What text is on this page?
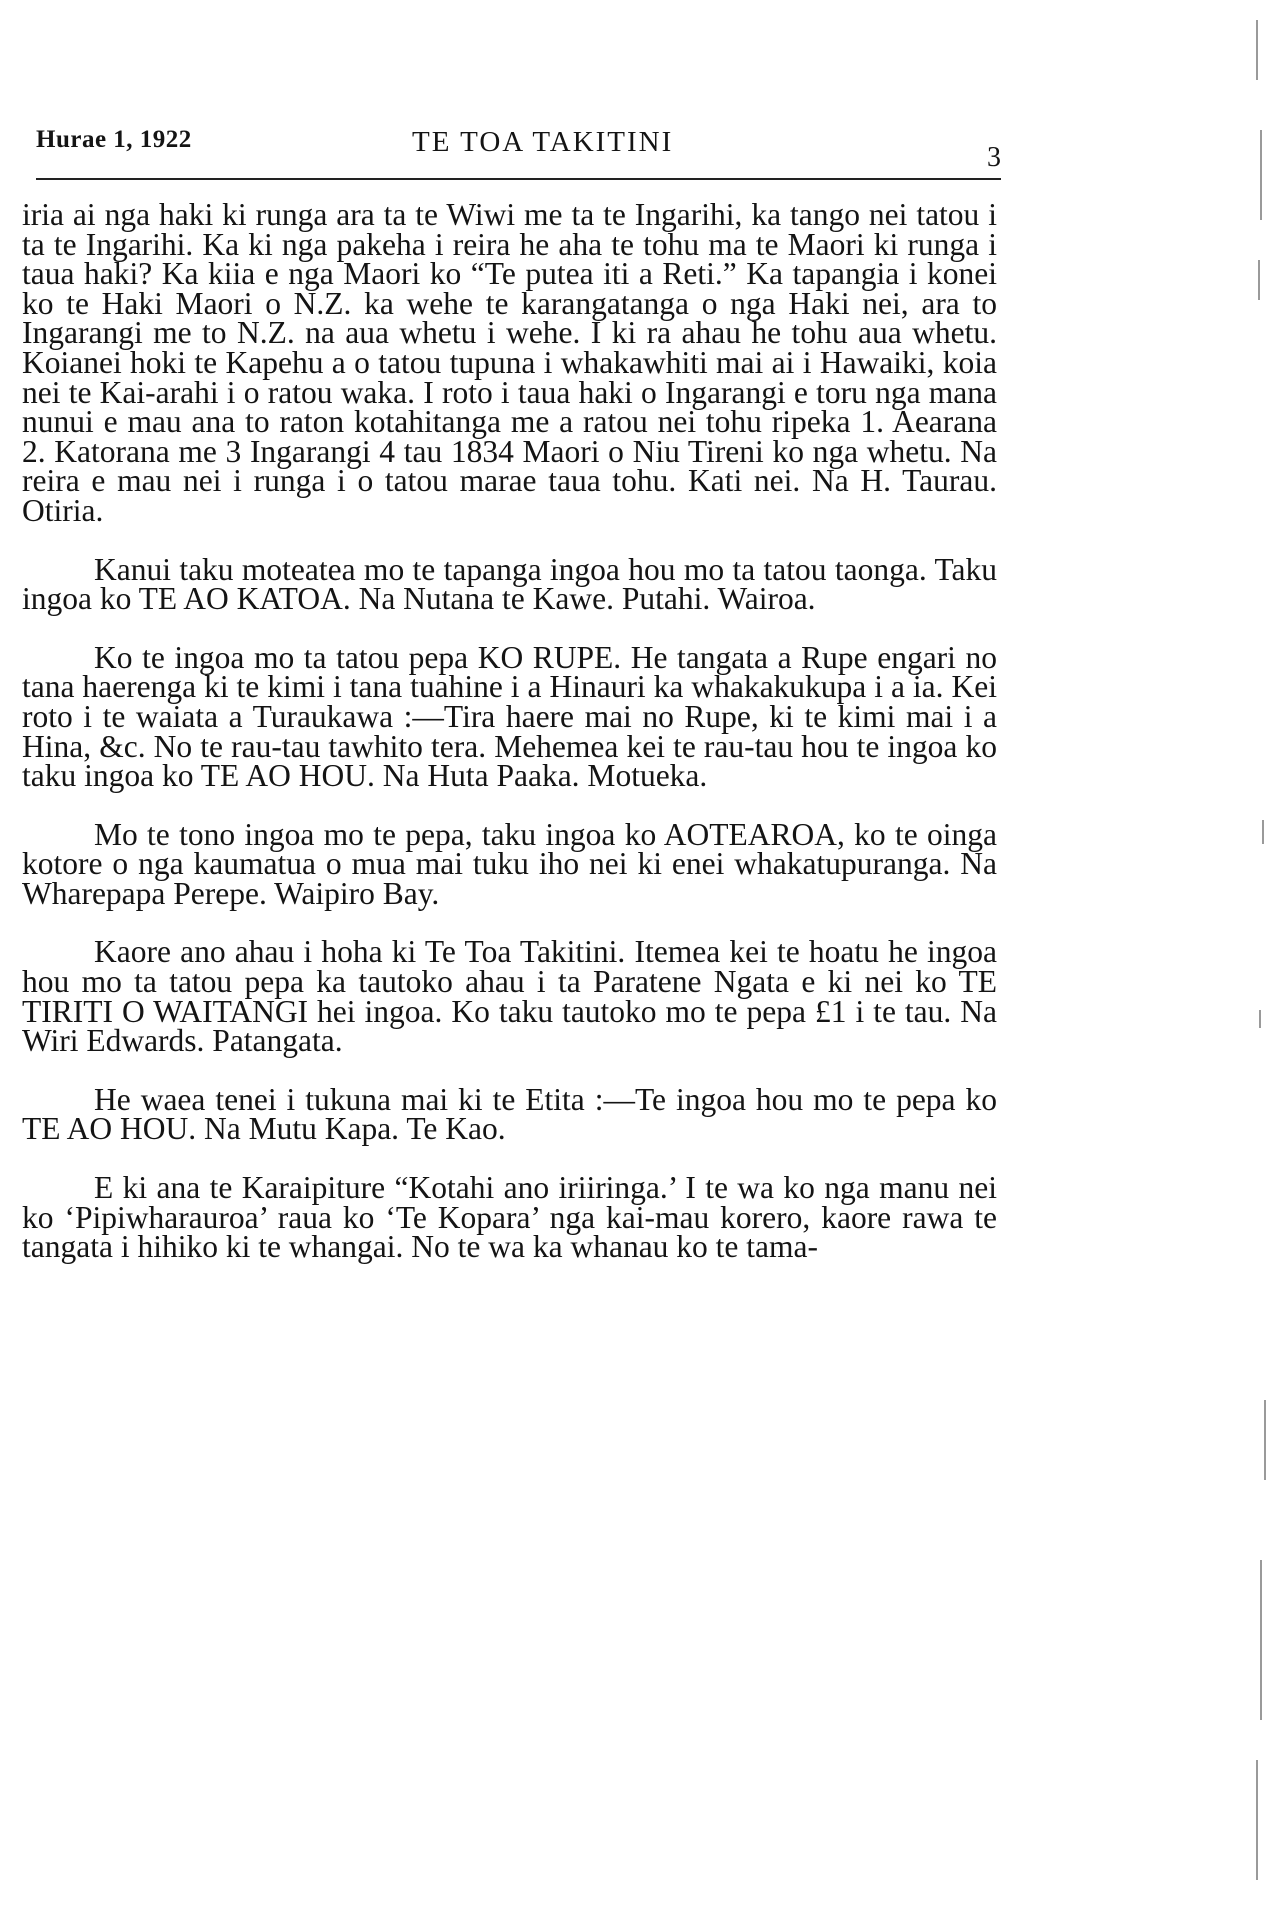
Hurae 1, 1922	TE TOA TAKITINI	3

iria ai nga haki ki runga ara ta te Wiwi me ta te Ingarihi, ka tango nei tatou i ta te Ingarihi. Ka ki nga pakeha i reira he aha te tohu ma te Maori ki runga i taua haki? Ka kiia e nga Maori ko “Te putea iti a Reti.” Ka tapangia i konei ko te Haki Maori o N.Z. ka wehe te karangatanga o nga Haki nei, ara to Ingarangi me to N.Z. na aua whetu i wehe. I ki ra ahau he tohu aua whetu. Koianei hoki te Kapehu a o tatou tupuna i whakawhiti mai ai i Hawaiki, koia nei te Kai-arahi i o ratou waka. I roto i taua haki o Ingarangi e toru nga mana nunui e mau ana to raton kotahitanga me a ratou nei tohu ripeka 1. Aearana 2. Katorana me 3 Ingarangi 4 tau 1834 Maori o Niu Tireni ko nga whetu. Na reira e mau nei i runga i o tatou marae taua tohu. Kati nei. Na H. Taurau. Otiria.

Kanui taku moteatea mo te tapanga ingoa hou mo ta tatou taonga. Taku ingoa ko TE AO KATOA. Na Nutana te Kawe. Putahi. Wairoa.

Ko te ingoa mo ta tatou pepa KO RUPE. He tangata a Rupe engari no tana haerenga ki te kimi i tana tuahine i a Hinauri ka whakakukupa i a ia. Kei roto i te waiata a Turaukawa :—Tira haere mai no Rupe, ki te kimi mai i a Hina, &c. No te rau-tau tawhito tera. Mehemea kei te rau-tau hou te ingoa ko taku ingoa ko TE AO HOU. Na Huta Paaka. Motueka.

Mo te tono ingoa mo te pepa, taku ingoa ko AOTEAROA, ko te oinga kotore o nga kaumatua o mua mai tuku iho nei ki enei whakatupuranga. Na Wharepapa Perepe. Waipiro Bay.

Kaore ano ahau i hoha ki Te Toa Takitini. Itemea kei te hoatu he ingoa hou mo ta tatou pepa ka tautoko ahau i ta Paratene Ngata e ki nei ko TE TIRITI O WAITANGI hei ingoa. Ko taku tautoko mo te pepa £1 i te tau. Na Wiri Edwards. Patangata.

He waea tenei i tukuna mai ki te Etita :—Te ingoa hou mo te pepa ko TE AO HOU. Na Mutu Kapa. Te Kao.

E ki ana te Karaipiture “Kotahi ano iriiringa.’ I te wa ko nga manu nei ko ‘Pipiwharauroa’ raua ko ‘Te Kopara’ nga kai-mau korero, kaore rawa te tangata i hihiko ki te whangai. No te wa ka whanau ko te tama-
